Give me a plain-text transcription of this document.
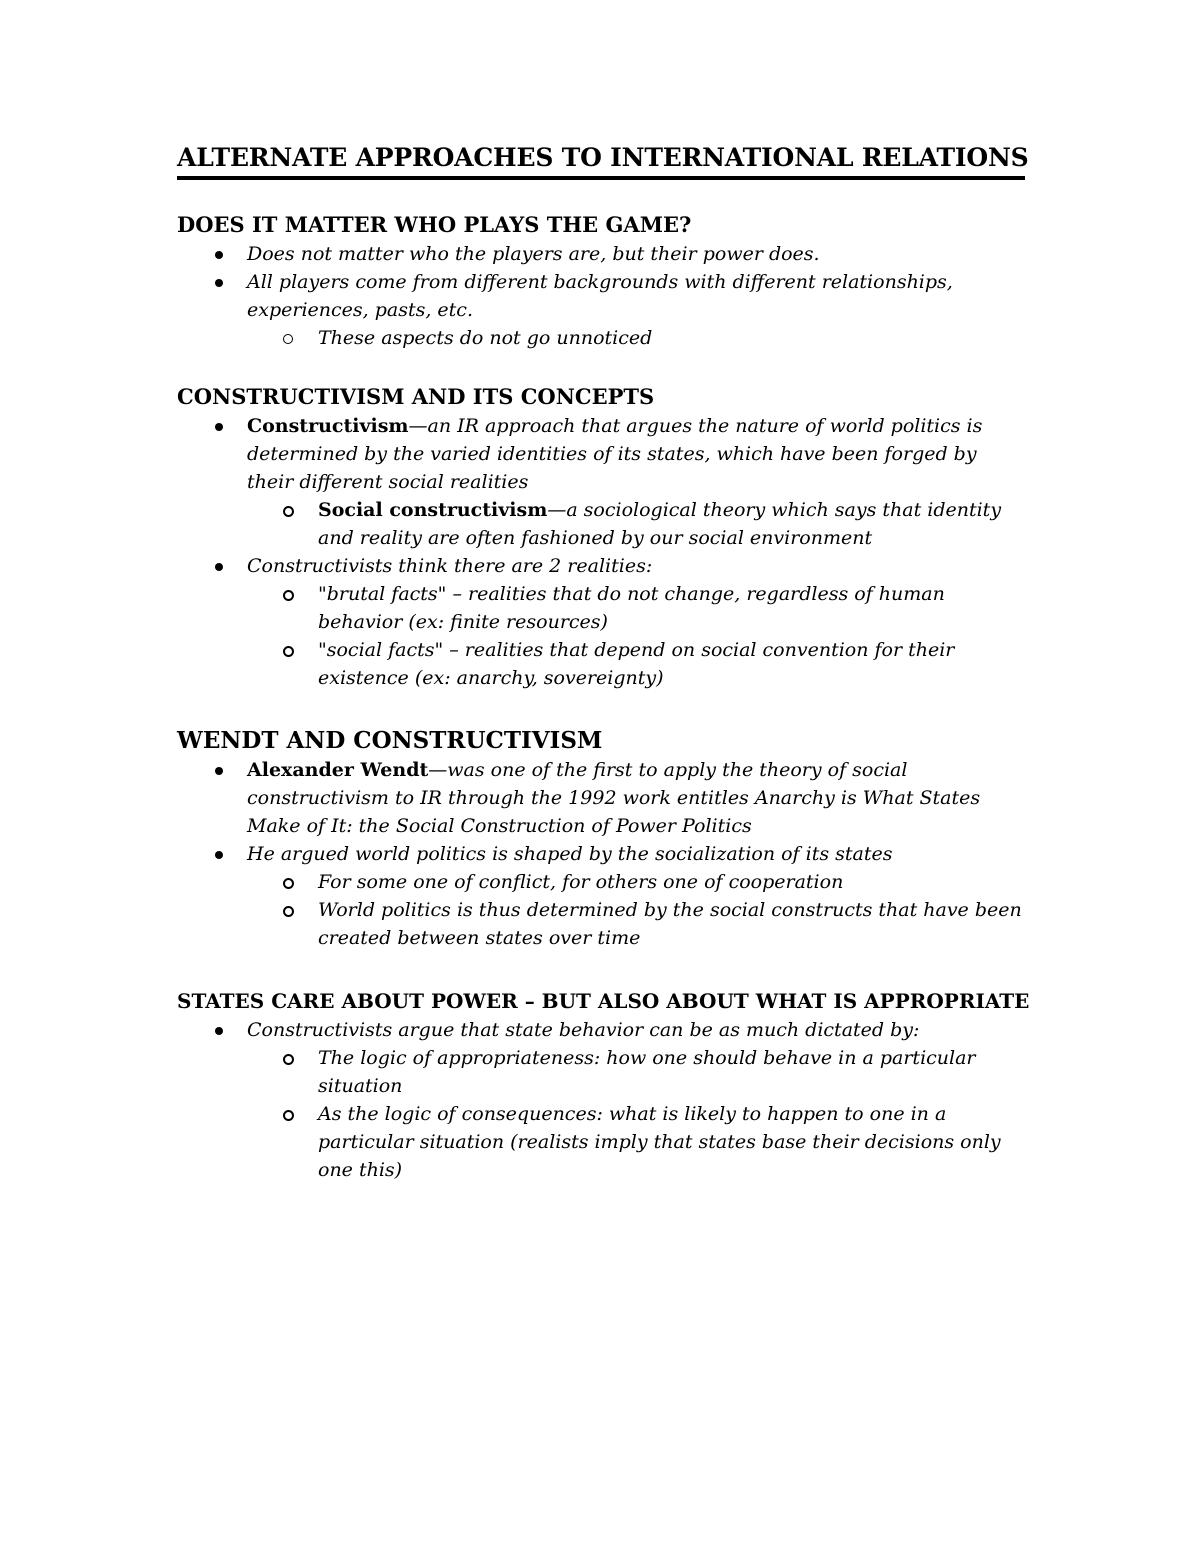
ALTERNATE APPROACHES TO INTERNATIONAL RELATIONS
DOES IT MATTER WHO PLAYS THE GAME?
Does not matter who the players are, but their power does.
All players come from different backgrounds with different relationships, experiences, pasts, etc.
These aspects do not go unnoticed
CONSTRUCTIVISM AND ITS CONCEPTS
Constructivism—an IR approach that argues the nature of world politics is determined by the varied identities of its states, which have been forged by their different social realities
Social constructivism—a sociological theory which says that identity and reality are often fashioned by our social environment
Constructivists think there are 2 realities:
"brutal facts" – realities that do not change, regardless of human behavior (ex: finite resources)
"social facts" – realities that depend on social convention for their existence (ex: anarchy, sovereignty)
WENDT AND CONSTRUCTIVISM
Alexander Wendt—was one of the first to apply the theory of social constructivism to IR through the 1992 work entitles Anarchy is What States Make of It: the Social Construction of Power Politics
He argued world politics is shaped by the socialization of its states
For some one of conflict, for others one of cooperation
World politics is thus determined by the social constructs that have been created between states over time
STATES CARE ABOUT POWER – BUT ALSO ABOUT WHAT IS APPROPRIATE
Constructivists argue that state behavior can be as much dictated by:
The logic of appropriateness: how one should behave in a particular situation
As the logic of consequences: what is likely to happen to one in a particular situation (realists imply that states base their decisions only one this)
